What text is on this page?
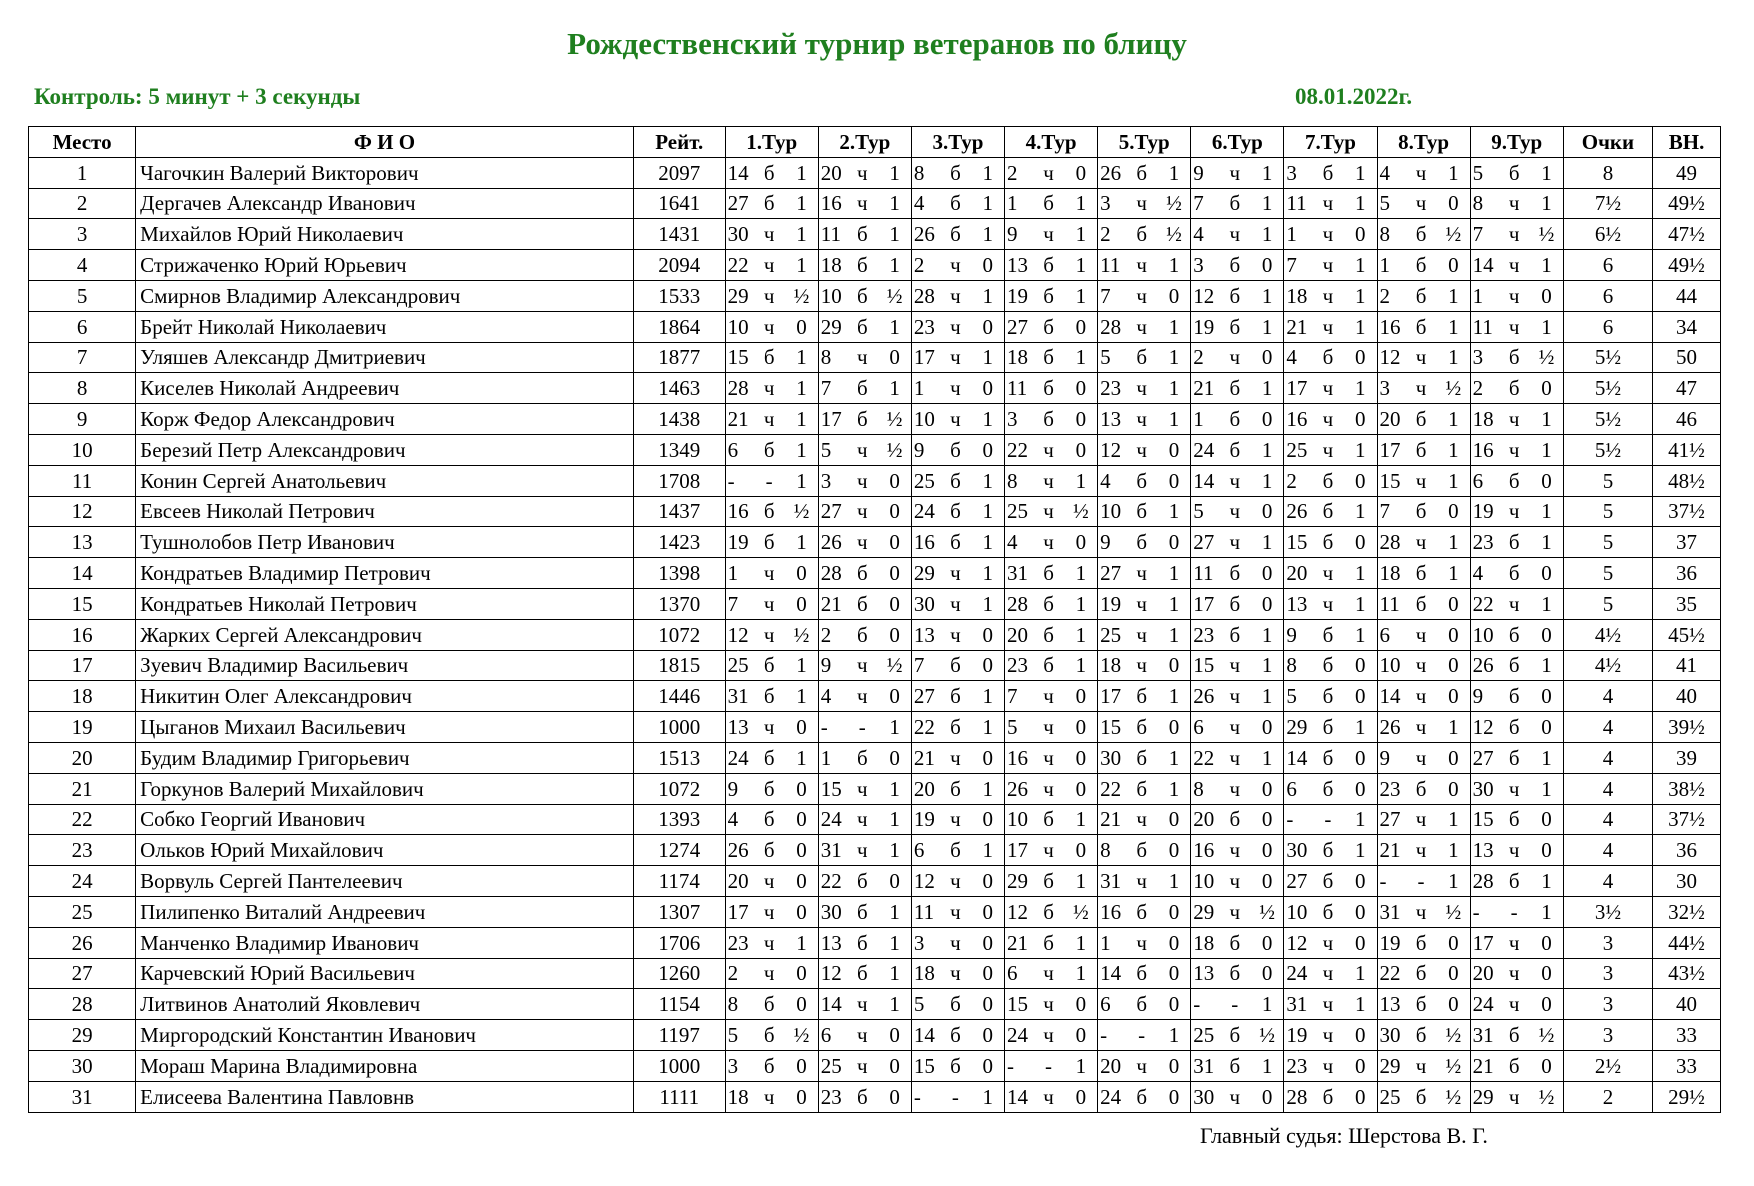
Рождественский турнир ветеранов по блицу
Контроль: 5 минут + 3 секунды	08.01.2022г.
Место	Ф И О	Рейт.	1.Тур			2.Тур			3.Тур			4.Тур			5.Тур			6.Тур			7.Тур			8.Тур			9.Тур			Очки	ВН.
1	Чагочкин Валерий Викторович	2097	14	б	1	20	ч	1	8	б	1	2	ч	0	26	б	1	9	ч	1	3	б	1	4	ч	1	5	б	1	8	49
2	Дергачев Александр Иванович	1641	27	б	1	16	ч	1	4	б	1	1	б	1	3	ч	½	7	б	1	11	ч	1	5	ч	0	8	ч	1	7½	49½
3	Михайлов Юрий Николаевич	1431	30	ч	1	11	б	1	26	б	1	9	ч	1	2	б	½	4	ч	1	1	ч	0	8	б	½	7	ч	½	6½	47½
4	Стрижаченко Юрий Юрьевич	2094	22	ч	1	18	б	1	2	ч	0	13	б	1	11	ч	1	3	б	0	7	ч	1	1	б	0	14	ч	1	6	49½
5	Смирнов Владимир Александрович	1533	29	ч	½	10	б	½	28	ч	1	19	б	1	7	ч	0	12	б	1	18	ч	1	2	б	1	1	ч	0	6	44
6	Брейт Николай Николаевич	1864	10	ч	0	29	б	1	23	ч	0	27	б	0	28	ч	1	19	б	1	21	ч	1	16	б	1	11	ч	1	6	34
7	Уляшев Александр Дмитриевич	1877	15	б	1	8	ч	0	17	ч	1	18	б	1	5	б	1	2	ч	0	4	б	0	12	ч	1	3	б	½	5½	50
8	Киселев Николай Андреевич	1463	28	ч	1	7	б	1	1	ч	0	11	б	0	23	ч	1	21	б	1	17	ч	1	3	ч	½	2	б	0	5½	47
9	Корж Федор Александрович	1438	21	ч	1	17	б	½	10	ч	1	3	б	0	13	ч	1	1	б	0	16	ч	0	20	б	1	18	ч	1	5½	46
10	Березий Петр Александрович	1349	6	б	1	5	ч	½	9	б	0	22	ч	0	12	ч	0	24	б	1	25	ч	1	17	б	1	16	ч	1	5½	41½
11	Конин Сергей Анатольевич	1708	-	-	1	3	ч	0	25	б	1	8	ч	1	4	б	0	14	ч	1	2	б	0	15	ч	1	6	б	0	5	48½
12	Евсеев Николай Петрович	1437	16	б	½	27	ч	0	24	б	1	25	ч	½	10	б	1	5	ч	0	26	б	1	7	б	0	19	ч	1	5	37½
13	Тушнолобов Петр Иванович	1423	19	б	1	26	ч	0	16	б	1	4	ч	0	9	б	0	27	ч	1	15	б	0	28	ч	1	23	б	1	5	37
14	Кондратьев Владимир Петрович	1398	1	ч	0	28	б	0	29	ч	1	31	б	1	27	ч	1	11	б	0	20	ч	1	18	б	1	4	б	0	5	36
15	Кондратьев Николай Петрович	1370	7	ч	0	21	б	0	30	ч	1	28	б	1	19	ч	1	17	б	0	13	ч	1	11	б	0	22	ч	1	5	35
16	Жарких Сергей Александрович	1072	12	ч	½	2	б	0	13	ч	0	20	б	1	25	ч	1	23	б	1	9	б	1	6	ч	0	10	б	0	4½	45½
17	Зуевич Владимир Васильевич	1815	25	б	1	9	ч	½	7	б	0	23	б	1	18	ч	0	15	ч	1	8	б	0	10	ч	0	26	б	1	4½	41
18	Никитин Олег Александрович	1446	31	б	1	4	ч	0	27	б	1	7	ч	0	17	б	1	26	ч	1	5	б	0	14	ч	0	9	б	0	4	40
19	Цыганов Михаил Васильевич	1000	13	ч	0	-	-	1	22	б	1	5	ч	0	15	б	0	6	ч	0	29	б	1	26	ч	1	12	б	0	4	39½
20	Будим Владимир Григорьевич	1513	24	б	1	1	б	0	21	ч	0	16	ч	0	30	б	1	22	ч	1	14	б	0	9	ч	0	27	б	1	4	39
21	Горкунов Валерий Михайлович	1072	9	б	0	15	ч	1	20	б	1	26	ч	0	22	б	1	8	ч	0	6	б	0	23	б	0	30	ч	1	4	38½
22	Собко Георгий Иванович	1393	4	б	0	24	ч	1	19	ч	0	10	б	1	21	ч	0	20	б	0	-	-	1	27	ч	1	15	б	0	4	37½
23	Ольков Юрий Михайлович	1274	26	б	0	31	ч	1	6	б	1	17	ч	0	8	б	0	16	ч	0	30	б	1	21	ч	1	13	ч	0	4	36
24	Ворвуль Сергей Пантелеевич	1174	20	ч	0	22	б	0	12	ч	0	29	б	1	31	ч	1	10	ч	0	27	б	0	-	-	1	28	б	1	4	30
25	Пилипенко Виталий Андреевич	1307	17	ч	0	30	б	1	11	ч	0	12	б	½	16	б	0	29	ч	½	10	б	0	31	ч	½	-	-	1	3½	32½
26	Манченко Владимир Иванович	1706	23	ч	1	13	б	1	3	ч	0	21	б	1	1	ч	0	18	б	0	12	ч	0	19	б	0	17	ч	0	3	44½
27	Карчевский Юрий Васильевич	1260	2	ч	0	12	б	1	18	ч	0	6	ч	1	14	б	0	13	б	0	24	ч	1	22	б	0	20	ч	0	3	43½
28	Литвинов Анатолий Яковлевич	1154	8	б	0	14	ч	1	5	б	0	15	ч	0	6	б	0	-	-	1	31	ч	1	13	б	0	24	ч	0	3	40
29	Миргородский Константин Иванович	1197	5	б	½	6	ч	0	14	б	0	24	ч	0	-	-	1	25	б	½	19	ч	0	30	б	½	31	б	½	3	33
30	Мораш Марина Владимировна	1000	3	б	0	25	ч	0	15	б	0	-	-	1	20	ч	0	31	б	1	23	ч	0	29	ч	½	21	б	0	2½	33
31	Елисеева Валентина Павловнв	1111	18	ч	0	23	б	0	-	-	1	14	ч	0	24	б	0	30	ч	0	28	б	0	25	б	½	29	ч	½	2	29½
Главный судья: Шерстова В. Г.
